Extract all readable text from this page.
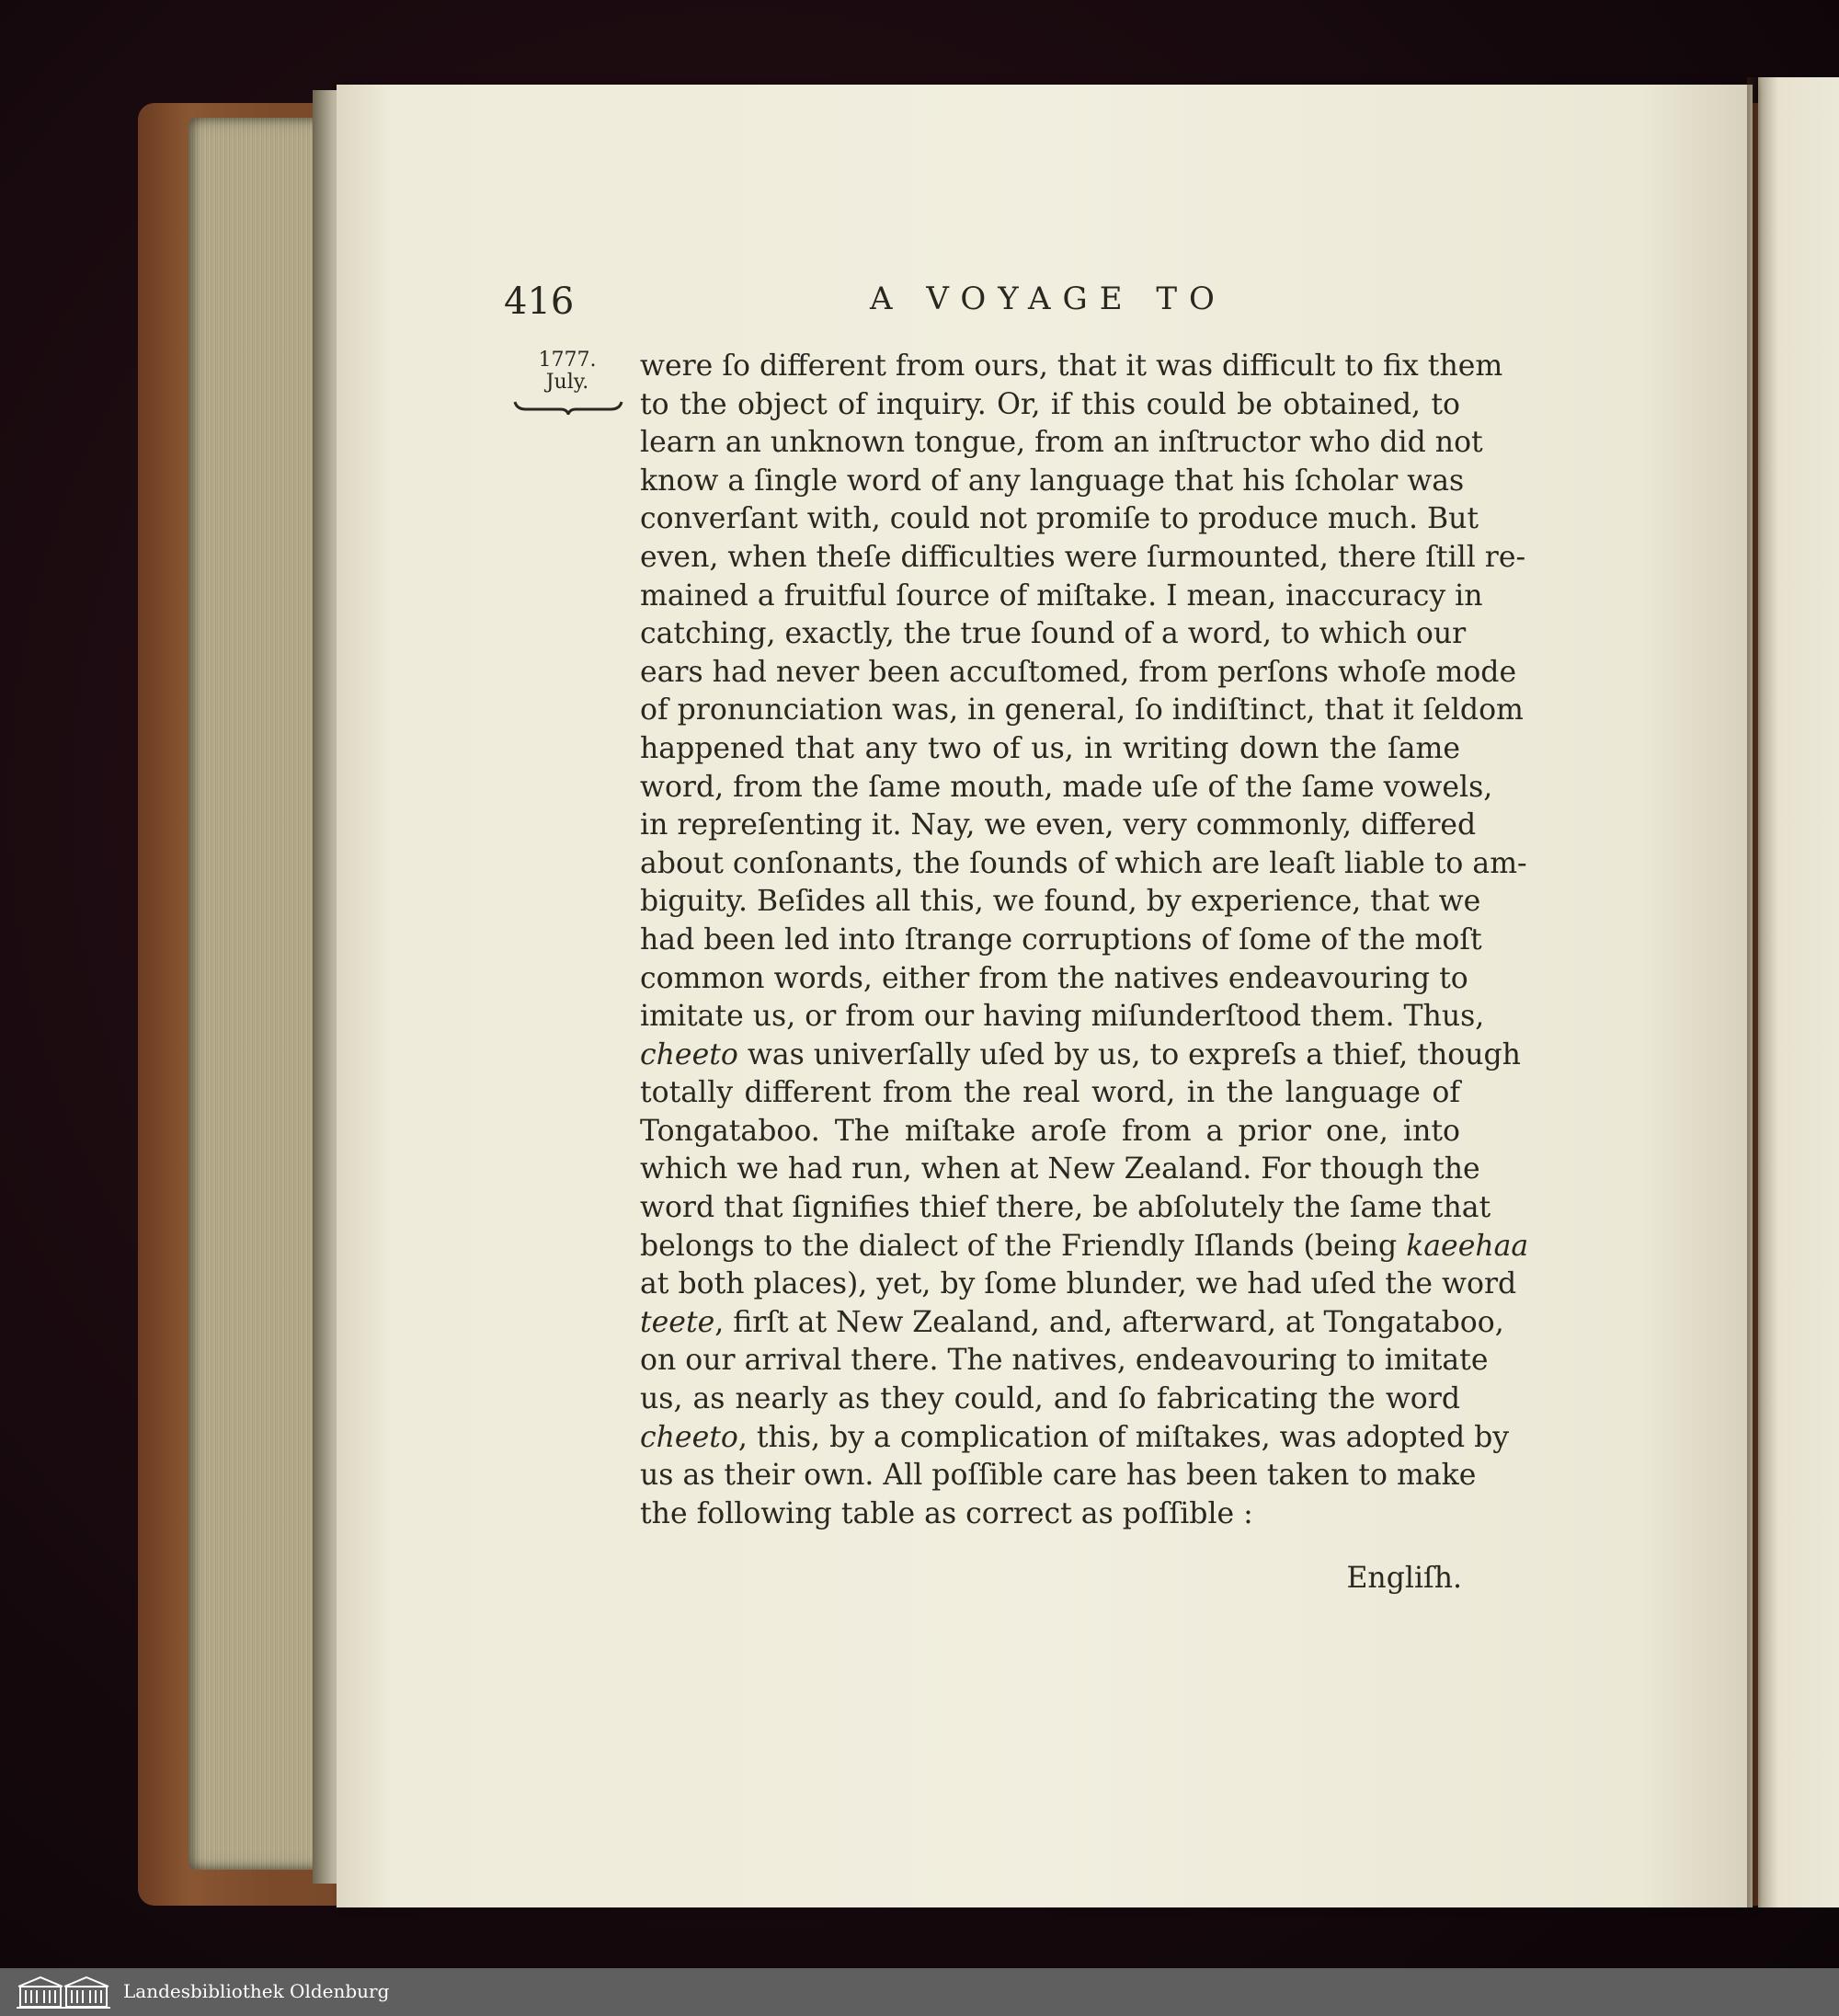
416	A VOYAGE TO
1777.
July.	were ſo different from ours, that it was difficult to fix them
to the object of inquiry. Or, if this could be obtained, to
learn an unknown tongue, from an inſtructor who did not
know a ſingle word of any language that his ſcholar was
converſant with, could not promiſe to produce much. But
even, when theſe difficulties were ſurmounted, there ſtill re-
mained a fruitful ſource of miſtake. I mean, inaccuracy in
catching, exactly, the true ſound of a word, to which our
ears had never been accuſtomed, from perſons whoſe mode
of pronunciation was, in general, ſo indiſtinct, that it ſeldom
happened that any two of us, in writing down the ſame
word, from the ſame mouth, made uſe of the ſame vowels,
in repreſenting it. Nay, we even, very commonly, differed
about conſonants, the ſounds of which are leaſt liable to am-
biguity. Beſides all this, we found, by experience, that we
had been led into ſtrange corruptions of ſome of the moſt
common words, either from the natives endeavouring to
imitate us, or from our having miſunderſtood them. Thus,
cheeto was univerſally uſed by us, to expreſs a thief, though
totally different from the real word, in the language of
Tongataboo. The miſtake aroſe from a prior one, into
which we had run, when at New Zealand. For though the
word that ſignifies thief there, be abſolutely the ſame that
belongs to the dialect of the Friendly Iſlands (being kaeehaa
at both places), yet, by ſome blunder, we had uſed the word
teete, firſt at New Zealand, and, afterward, at Tongataboo,
on our arrival there. The natives, endeavouring to imitate
us, as nearly as they could, and ſo fabricating the word
cheeto, this, by a complication of miſtakes, was adopted by
us as their own. All poſſible care has been taken to make
the following table as correct as poſſible :
Engliſh.
Landesbibliothek Oldenburg
